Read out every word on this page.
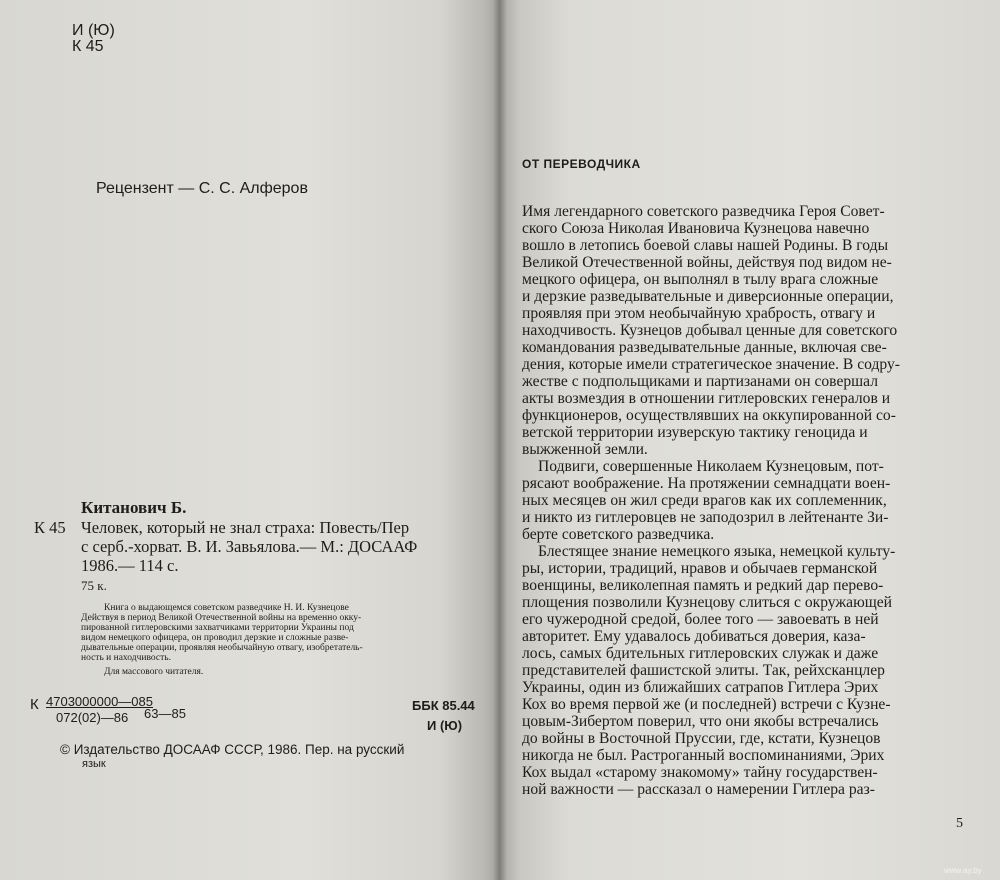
И (Ю)
К 45
Рецензент — С. С. Алферов
Китанович Б.
К 45 Человек, который не знал страха: Повесть/Пер
с серб.-хорват. В. И. Завьялова.— М.: ДОСААФ
1986.— 114 с.
75 к.
Книга о выдающемся советском разведчике Н. И. Кузнецове
Действуя в период Великой Отечественной войны на временно окку-
пированной гитлеровскими захватчиками территории Украины под
видом немецкого офицера, он проводил дерзкие и сложные разве-
дывательные операции, проявляя необычайную отвагу, изобретатель-
ность и находчивость.
Для массового читателя.
К 4703000000—085
072(02)—86 63—85
ББК 85.44
И (Ю)
© Издательство ДОСААФ СССР, 1986. Пер. на русский
язык
ОТ ПЕРЕВОДЧИКА
Имя легендарного советского разведчика Героя Совет-
ского Союза Николая Ивановича Кузнецова навечно
вошло в летопись боевой славы нашей Родины. В годы
Великой Отечественной войны, действуя под видом не-
мецкого офицера, он выполнял в тылу врага сложные
и дерзкие разведывательные и диверсионные операции,
проявляя при этом необычайную храбрость, отвагу и
находчивость. Кузнецов добывал ценные для советского
командования разведывательные данные, включая све-
дения, которые имели стратегическое значение. В содру-
жестве с подпольщиками и партизанами он совершал
акты возмездия в отношении гитлеровских генералов и
функционеров, осуществлявших на оккупированной со-
ветской территории изуверскую тактику геноцида и
выжженной земли.
Подвиги, совершенные Николаем Кузнецовым, пот-
рясают воображение. На протяжении семнадцати воен-
ных месяцев он жил среди врагов как их соплеменник,
и никто из гитлеровцев не заподозрил в лейтенанте Зи-
берте советского разведчика.
Блестящее знание немецкого языка, немецкой культу-
ры, истории, традиций, нравов и обычаев германской
военщины, великолепная память и редкий дар перево-
площения позволили Кузнецову слиться с окружающей
его чужеродной средой, более того — завоевать в ней
авторитет. Ему удавалось добиваться доверия, каза-
лось, самых бдительных гитлеровских служак и даже
представителей фашистской элиты. Так, рейхсканцлер
Украины, один из ближайших сатрапов Гитлера Эрих
Кох во время первой же (и последней) встречи с Кузне-
цовым-Зибертом поверил, что они якобы встречались
до войны в Восточной Пруссии, где, кстати, Кузнецов
никогда не был. Растроганный воспоминаниями, Эрих
Кох выдал «старому знакомому» тайну государствен-
ной важности — рассказал о намерении Гитлера раз-
5
www.ay.by
